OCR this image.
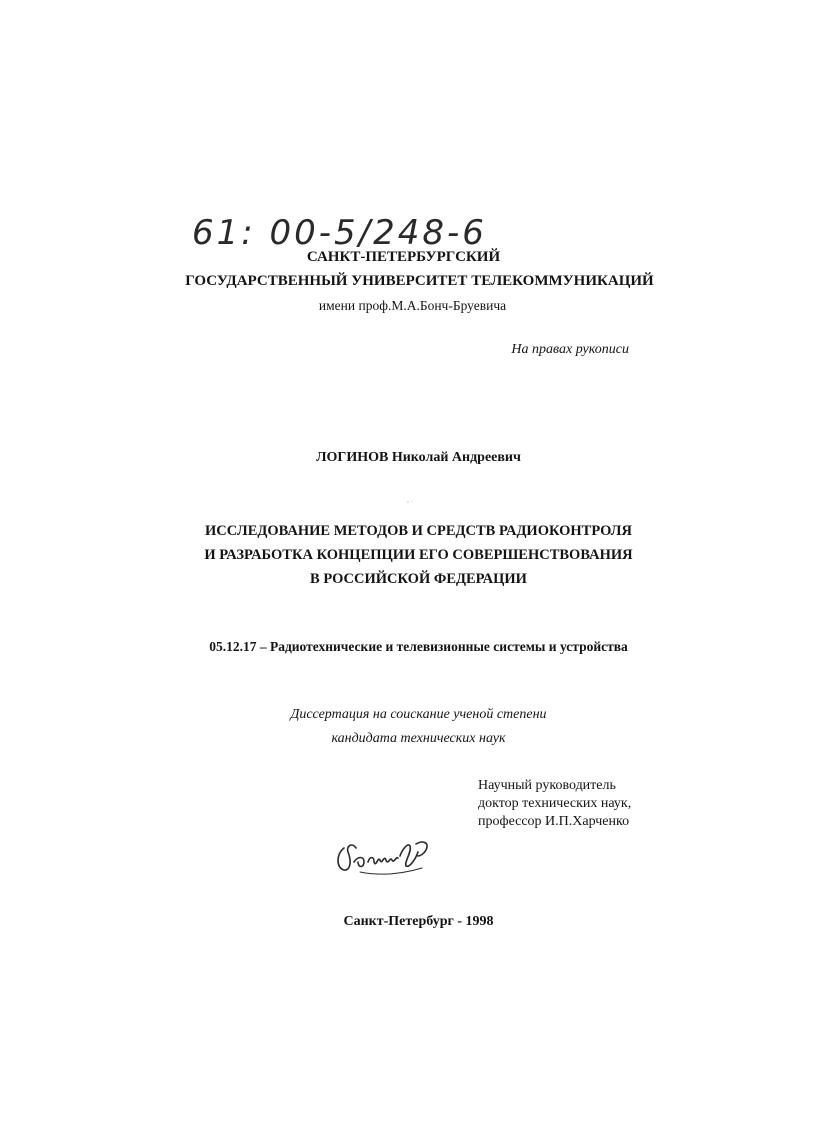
61: 00-5/248-6
САНКТ-ПЕТЕРБУРГСКИЙ
ГОСУДАРСТВЕННЫЙ УНИВЕРСИТЕТ ТЕЛЕКОММУНИКАЦИЙ
имени проф.М.А.Бонч-Бруевича
На правах рукописи
ЛОГИНОВ Николай Андреевич
ИССЛЕДОВАНИЕ МЕТОДОВ И СРЕДСТВ РАДИОКОНТРОЛЯ
И РАЗРАБОТКА КОНЦЕПЦИИ ЕГО СОВЕРШЕНСТВОВАНИЯ
В РОССИЙСКОЙ ФЕДЕРАЦИИ
05.12.17 – Радиотехнические и телевизионные системы и устройства
Диссертация на соискание ученой степени
кандидата технических наук
Научный руководитель
доктор технических наук,
профессор И.П.Харченко
Санкт-Петербург - 1998
